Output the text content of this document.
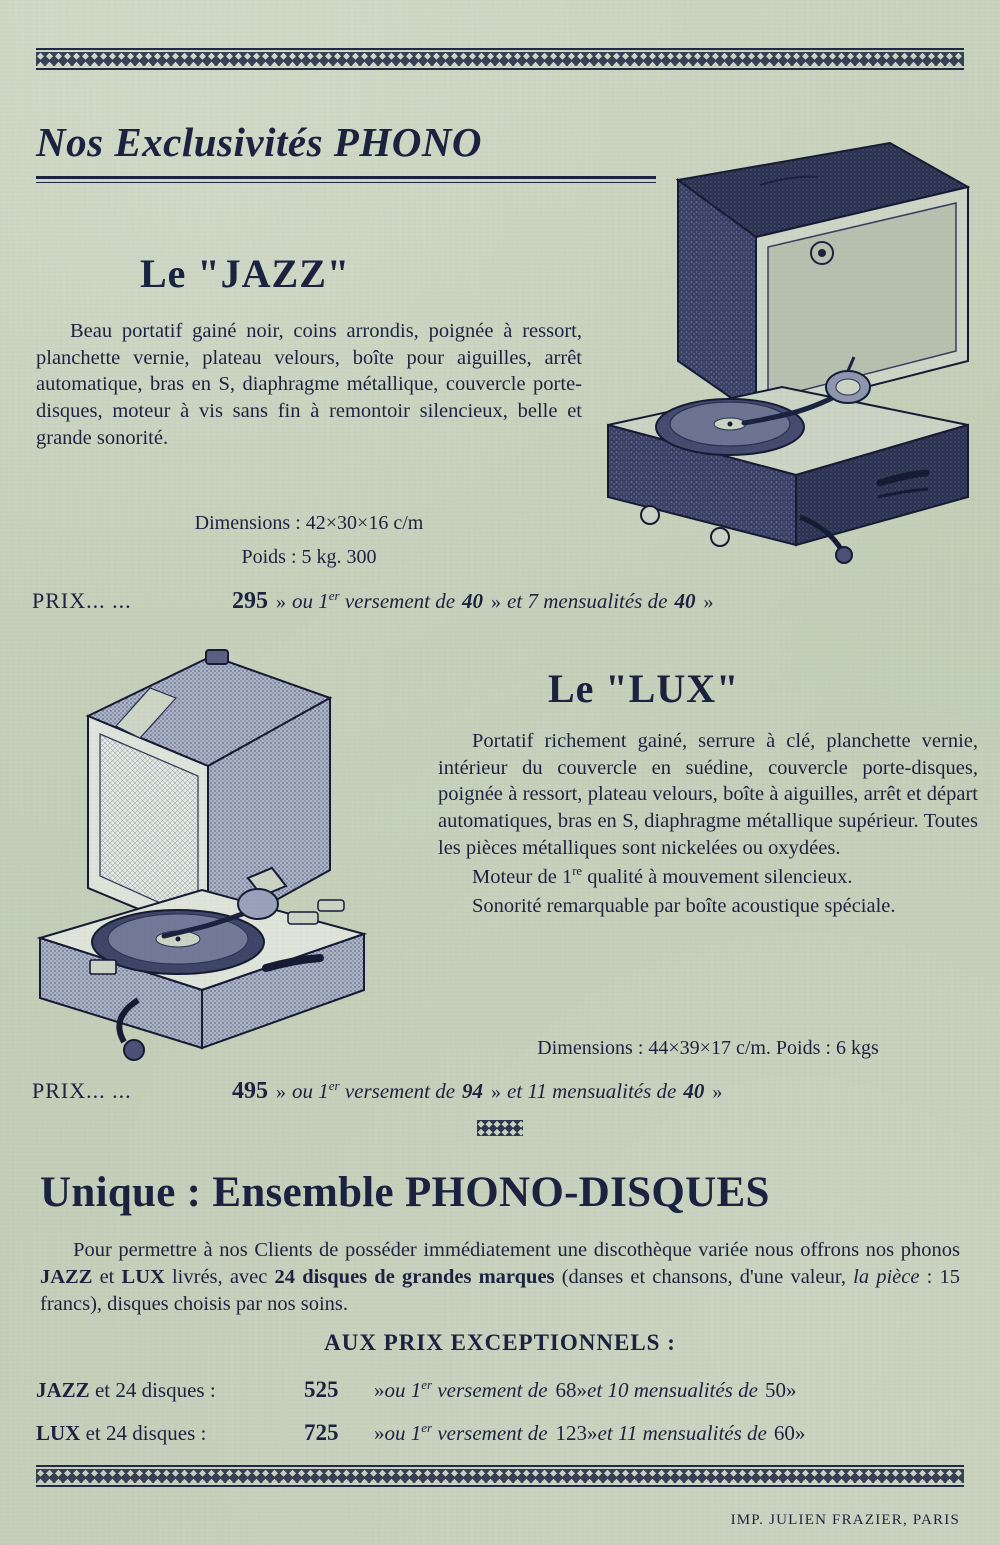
Nos Exclusivités PHONO
Le "JAZZ"

Beau portatif gainé noir, coins arrondis, poignée à ressort, planchette vernie, plateau velours, boîte pour aiguilles, arrêt automatique, bras en S, diaphragme métallique, couvercle porte-disques, moteur à vis sans fin à remontoir silencieux, belle et grande sonorité.

Dimensions : 42×30×16 c/m
Poids : 5 kg. 300
PRIX... ...	295 » ou 1er versement de 40 » et 7 mensualités de 40 »
Le "LUX"

Portatif richement gainé, serrure à clé, planchette vernie, intérieur du couvercle en suédine, couvercle porte-disques, poignée à ressort, plateau velours, boîte à aiguilles, arrêt et départ automatiques, bras en S, diaphragme métallique supérieur. Toutes les pièces métalliques sont nickelées ou oxydées.

Moteur de 1re qualité à mouvement silencieux.

Sonorité remarquable par boîte acoustique spéciale.

Dimensions : 44×39×17 c/m. Poids : 6 kgs
PRIX... ...	495 » ou 1er versement de 94 » et 11 mensualités de 40 »
Unique : Ensemble PHONO-DISQUES
Pour permettre à nos Clients de posséder immédiatement une discothèque variée nous offrons nos phonos JAZZ et LUX livrés, avec 24 disques de grandes marques (danses et chansons, d'une valeur, la pièce : 15 francs), disques choisis par nos soins.
AUX PRIX EXCEPTIONNELS :
JAZZ et 24 disques :	525	» ou 1er versement de 68 » et 10 mensualités de 50 »
LUX et 24 disques :	725	» ou 1er versement de 123 » et 11 mensualités de 60 »
IMP. JULIEN FRAZIER, PARIS
